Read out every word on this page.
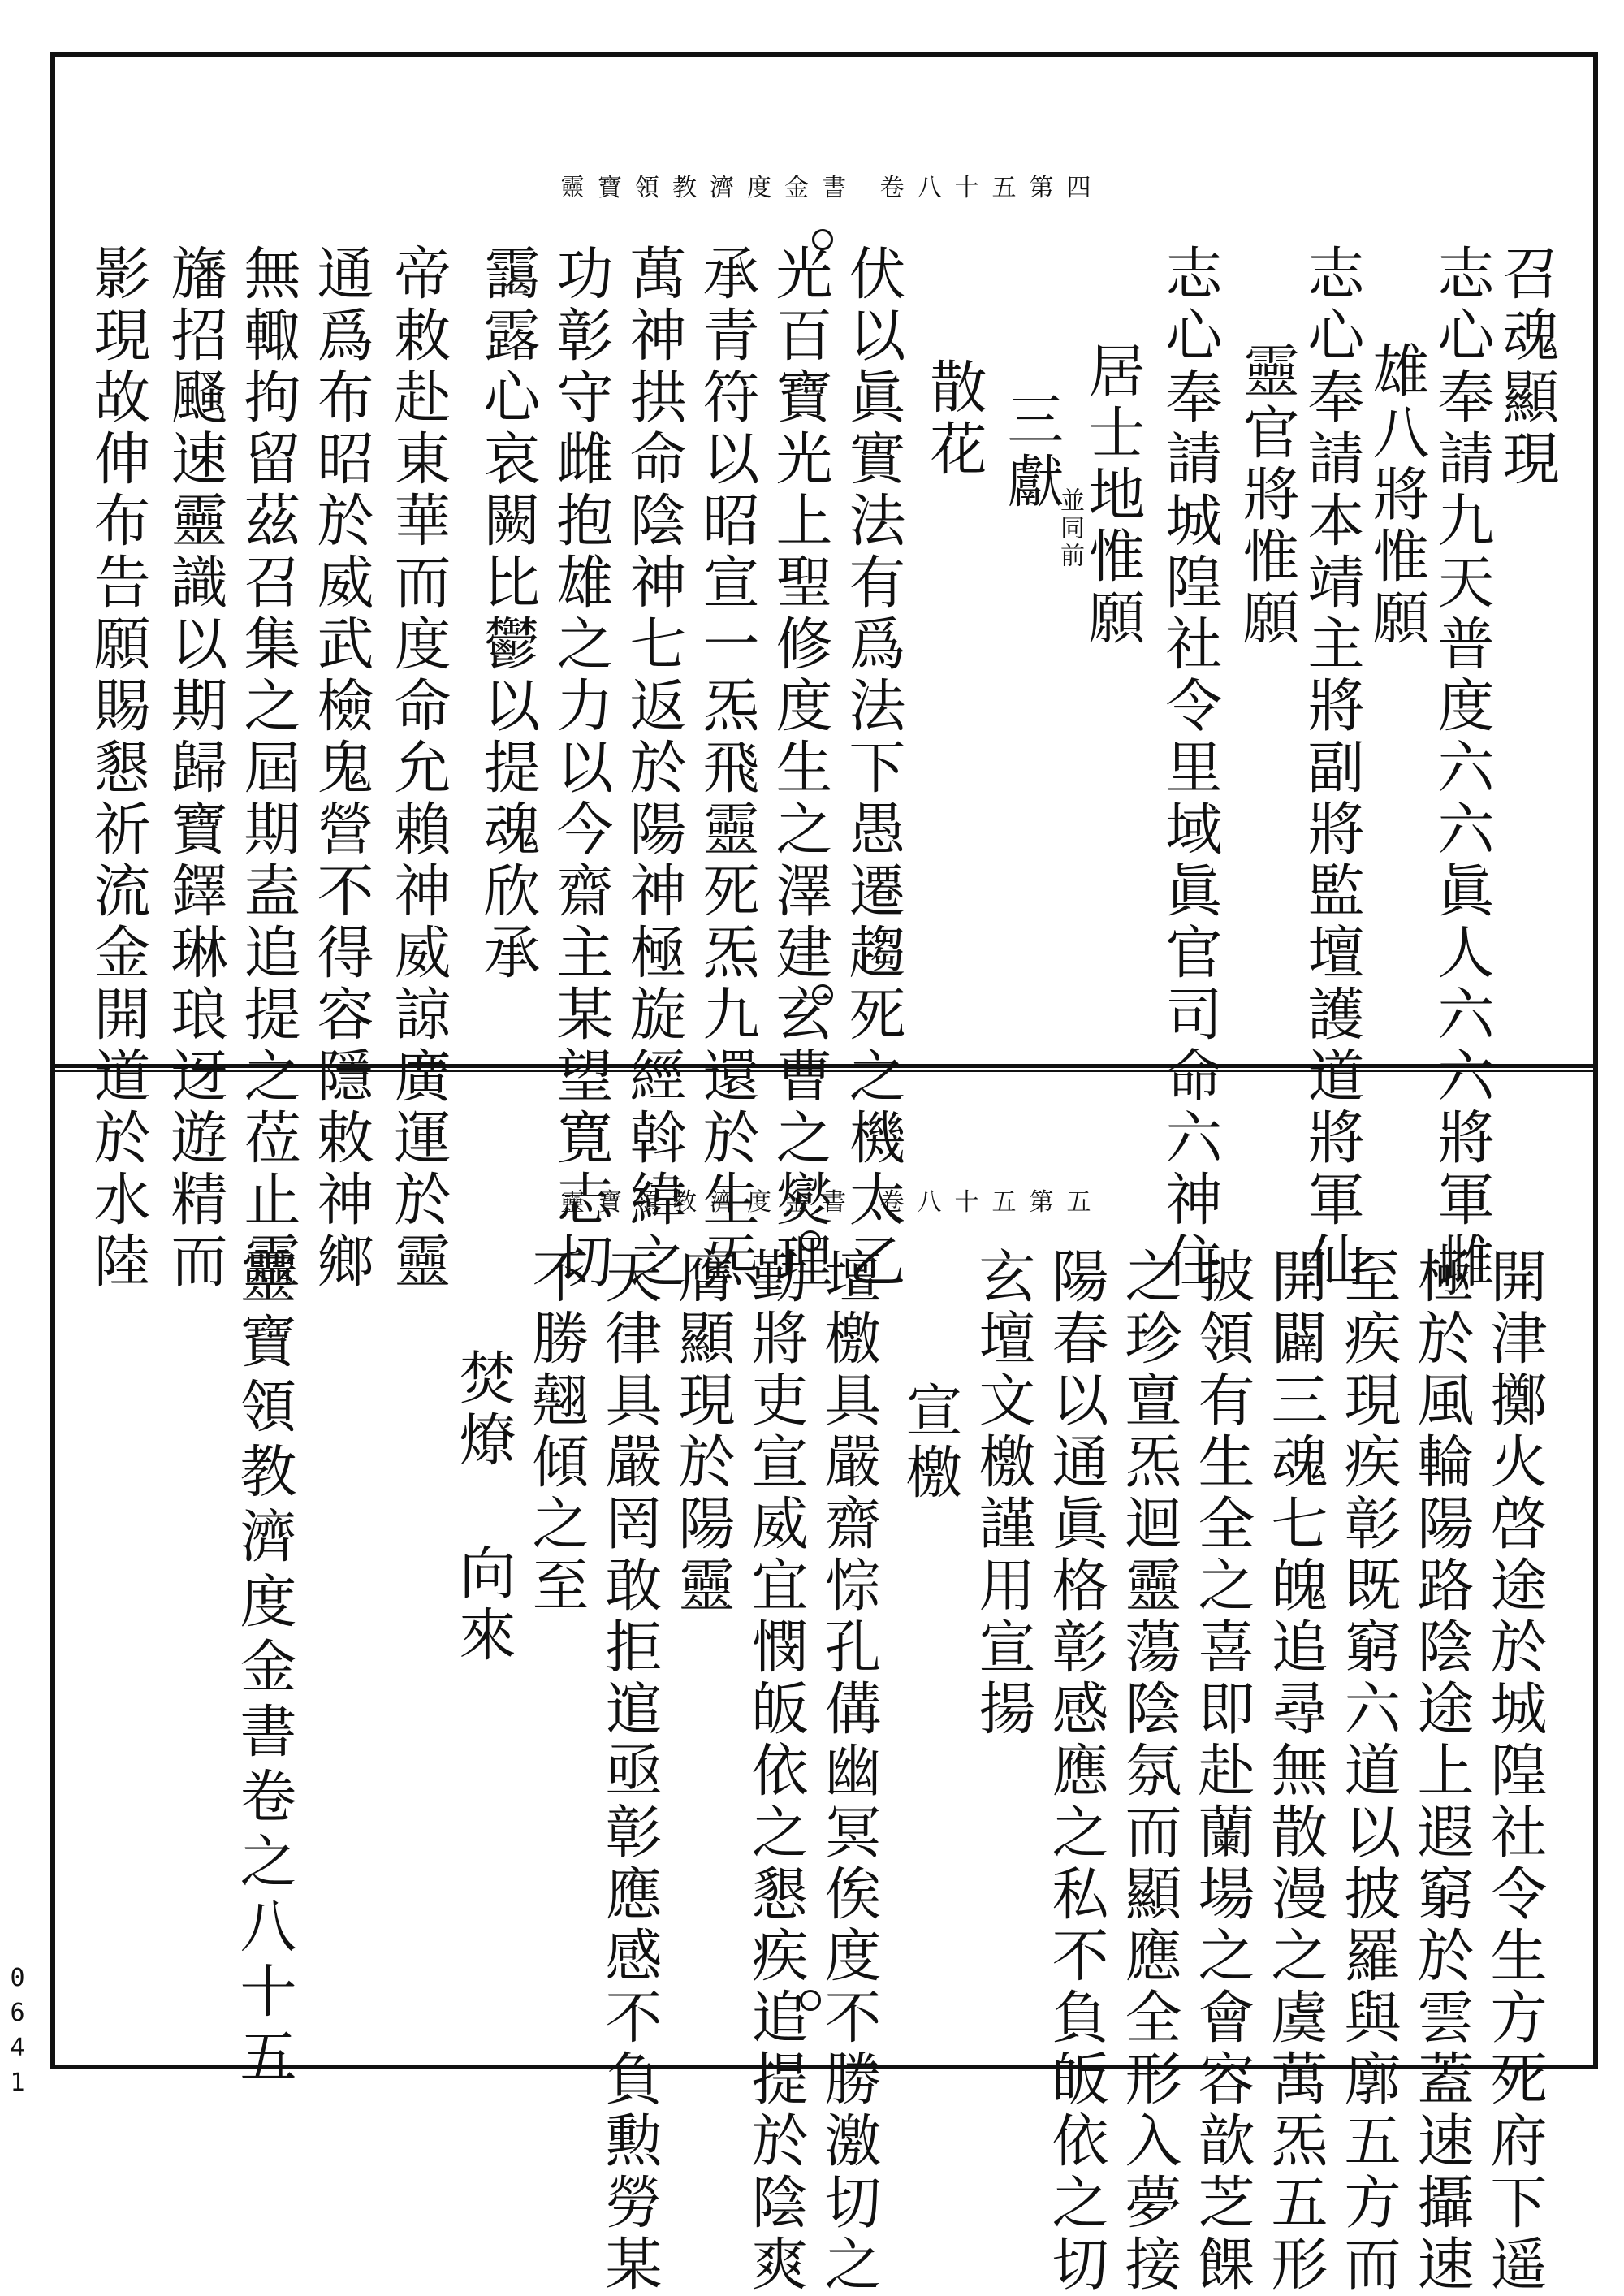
靈寶領教濟度金書 卷八十五第四
召魂顯現
志心奉請九天普度六六眞人六六將軍雌
雄八將惟願
志心奉請本靖主將副將監壇護道將軍仙
靈官將惟願
志心奉請城隍社令里域眞官司命六神住
居士地惟願
並同前
三獻
散花
伏以眞實法有爲法下愚遷趨死之機太乙
光百寶光上聖修度生之澤建玄曹之爕理
承青符以昭宣一炁飛靈死炁九還於生炁
萬神拱命陰神七返於陽神極旋經斡緯之
功彰守雌抱雄之力以今齋主某望寛志切
靄露心哀闕比鬱以提魂欣承
帝敕赴東華而度命允賴神威諒廣運於靈
通爲布昭於威武檢鬼營不得容隱敕神鄉
無輙拘留茲召集之屆期盍追提之莅止靈
旛招颾速靈識以期歸寶鐸琳琅迓遊精而
影現故伸布告願賜懇祈流金開道於水陸	靈寶領教濟度金書 卷八十五第五
開津擲火啓途於城隍社令生方死府下遥
極於風輪陽路陰途上遐窮於雲蓋速攝速
至疾現疾彰既窮六道以披羅與廓五方而
開闢三魂七魄追尋無散漫之虞萬炁五形
披領有生全之喜即赴蘭場之會容歆芝餜
之珍亶炁迴靈蕩陰氛而顯應全形入夢接
陽春以通眞格彰感應之私不負皈依之切
玄壇文檄謹用宣揚
宣檄
壇檄具嚴齋悰孔傋幽冥俟度不勝激切之
勤將吏宣威宜憫皈依之懇疾追提於陰爽
膺顯現於陽靈
天律具嚴罔敢拒逭亟彰應感不負勲勞某
不勝翹傾之至
焚燎 向來
靈寶領教濟度金書卷之八十五
0641
